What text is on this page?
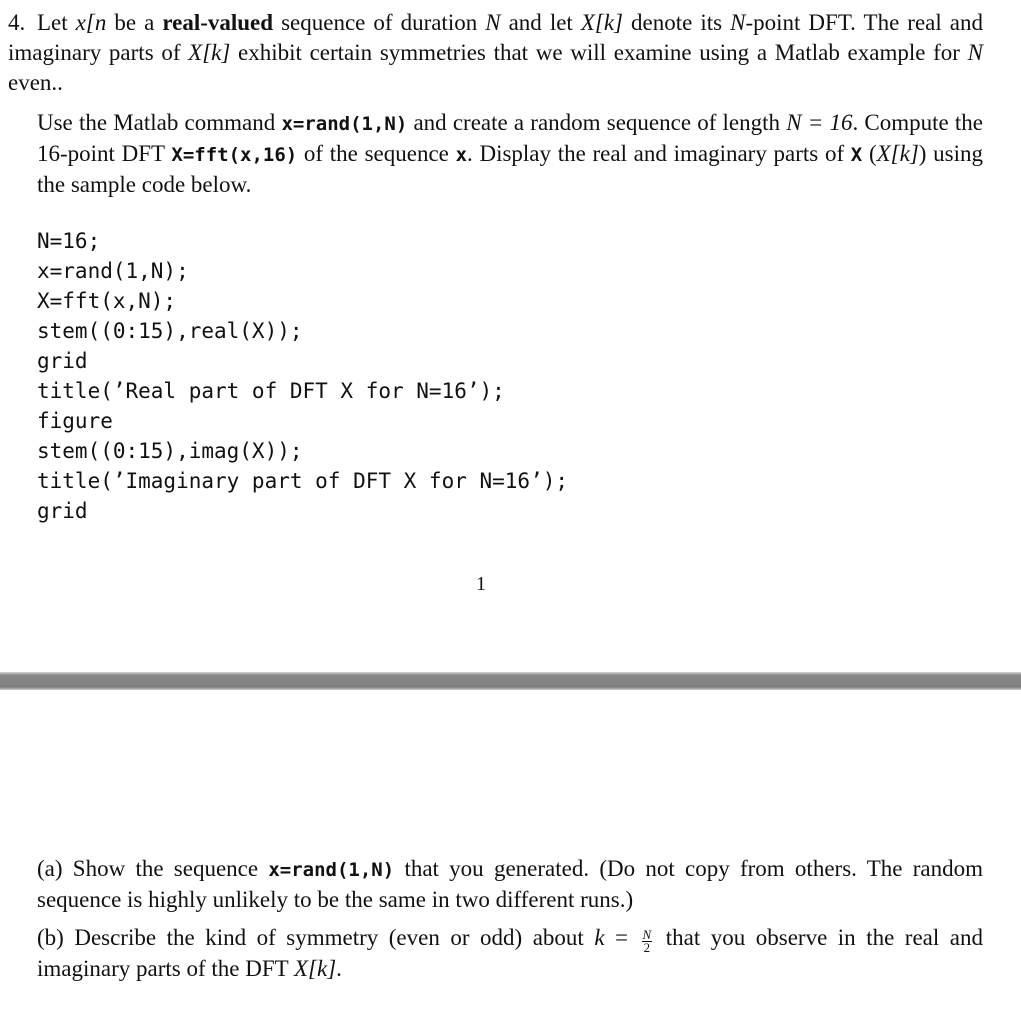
4. Let x[n be a real-valued sequence of duration N and let X[k] denote its N-point DFT. The real and imaginary parts of X[k] exhibit certain symmetries that we will examine using a Matlab example for N even..

Use the Matlab command x=rand(1,N) and create a random sequence of length N = 16. Compute the 16-point DFT X=fft(x,16) of the sequence x. Display the real and imaginary parts of X (X[k]) using the sample code below.

N=16;
x=rand(1,N);
X=fft(x,N);
stem((0:15),real(X));
grid
title(’Real part of DFT X for N=16’);
figure
stem((0:15),imag(X));
title(’Imaginary part of DFT X for N=16’);
grid
1

(a) Show the sequence x=rand(1,N) that you generated. (Do not copy from others. The random sequence is highly unlikely to be the same in two different runs.)

(b) Describe the kind of symmetry (even or odd) about $k = \frac{N}{2}$ that you observe in the real and imaginary parts of the DFT X[k].
